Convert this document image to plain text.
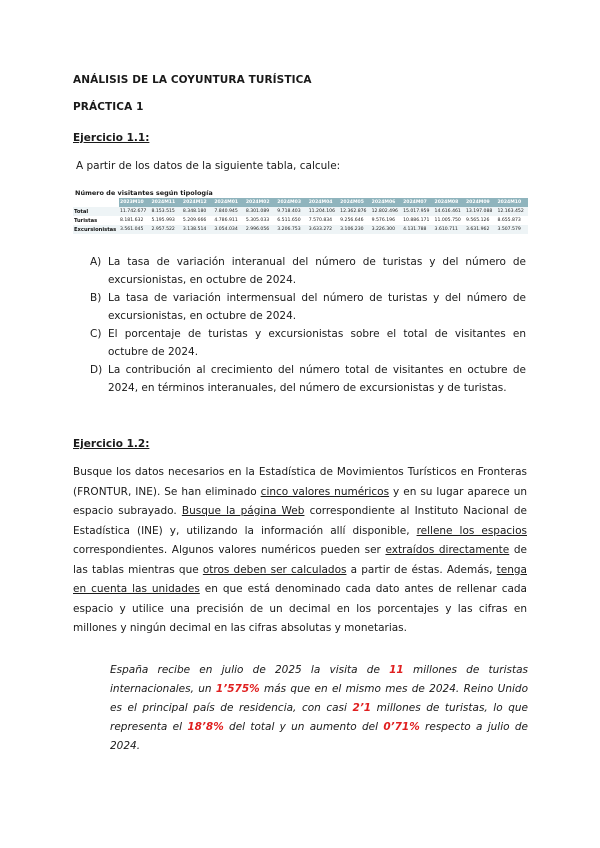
ANÁLISIS DE LA COYUNTURA TURÍSTICA
PRÁCTICA 1
Ejercicio 1.1:
A partir de los datos de la siguiente tabla, calcule:
Número de visitantes según tipología
	2023M10	2024M11	2024M12	2024M01	2024M02	2024M03	2024M04	2024M05	2024M06	2024M07	2024M08	2024M09	2024M10
Total	11.742.677	8.153.515	8.348.180	7.840.945	8.301.089	9.718.403	11.204.106	12.362.876	12.802.496	15.017.959	14.616.461	13.197.088	12.163.452
Turistas	8.181.632	5.195.993	5.209.666	4.786.911	5.305.033	6.511.650	7.570.834	9.256.646	9.576.196	10.886.171	11.005.750	9.565.126	8.655.873
Excursionistas	3.561.045	2.957.522	3.138.514	3.054.034	2.996.056	3.206.753	3.633.272	3.106.230	3.226.300	4.131.788	3.610.711	3.631.962	3.507.579
A) La tasa de variación interanual del número de turistas y del número de excursionistas, en octubre de 2024.
B) La tasa de variación intermensual del número de turistas y del número de excursionistas, en octubre de 2024.
C) El porcentaje de turistas y excursionistas sobre el total de visitantes en octubre de 2024.
D) La contribución al crecimiento del número total de visitantes en octubre de 2024, en términos interanuales, del número de excursionistas y de turistas.
Ejercicio 1.2:
Busque los datos necesarios en la Estadística de Movimientos Turísticos en Fronteras (FRONTUR, INE). Se han eliminado cinco valores numéricos y en su lugar aparece un espacio subrayado. Busque la página Web correspondiente al Instituto Nacional de Estadística (INE) y, utilizando la información allí disponible, rellene los espacios correspondientes. Algunos valores numéricos pueden ser extraídos directamente de las tablas mientras que otros deben ser calculados a partir de éstas. Además, tenga en cuenta las unidades en que está denominado cada dato antes de rellenar cada espacio y utilice una precisión de un decimal en los porcentajes y las cifras en millones y ningún decimal en las cifras absolutas y monetarias.
España recibe en julio de 2025 la visita de 11 millones de turistas internacionales, un 1’575% más que en el mismo mes de 2024. Reino Unido es el principal país de residencia, con casi 2’1 millones de turistas, lo que representa el 18’8% del total y un aumento del 0’71% respecto a julio de 2024.
